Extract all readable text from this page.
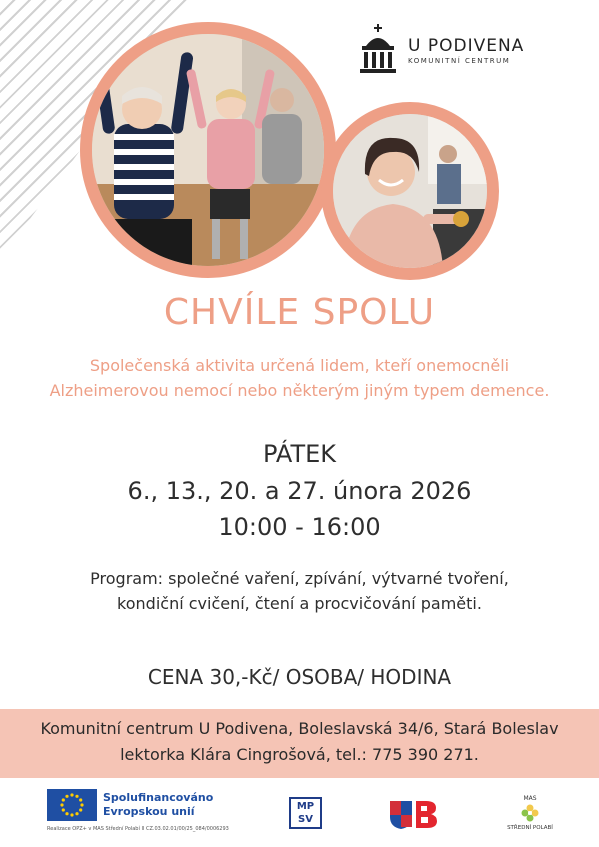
U PODIVENA
KOMUNITNÍ CENTRUM
CHVÍLE SPOLU
Společenská aktivita určená lidem, kteří onemocněli
Alzheimerovou nemocí nebo některým jiným typem demence.
PÁTEK
6., 13., 20. a 27. února 2026
10:00 - 16:00
Program: společné vaření, zpívání, výtvarné tvoření,
kondiční cvičení, čtení a procvičování paměti.
CENA 30,-Kč/ OSOBA/ HODINA
Komunitní centrum U Podivena, Boleslavská 34/6, Stará Boleslav
lektorka Klára Cingrošová, tel.: 775 390 271.
Spolufinancováno
Evropskou unií
Realizace OPZ+ v MAS Střední Polabí II CZ.03.02.01/00/25_084/0006293
MP
SV
MAS
STŘEDNÍ POLABÍ
